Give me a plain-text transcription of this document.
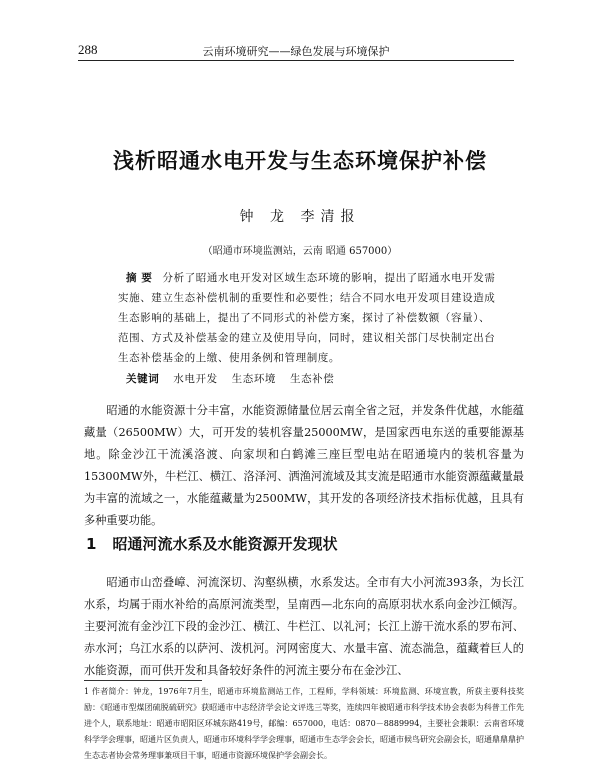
288	云南环境研究——绿色发展与环境保护
浅析昭通水电开发与生态环境保护补偿
钟 龙 李清报
（昭通市环境监测站，云南 昭通 657000）
摘 要 分析了昭通水电开发对区域生态环境的影响，提出了昭通水电开发需实施、建立生态补偿机制的重要性和必要性；结合不同水电开发项目建设造成生态影响的基础上，提出了不同形式的补偿方案，探讨了补偿数额（容量）、范围、方式及补偿基金的建立及使用导向，同时，建议相关部门尽快制定出台生态补偿基金的上缴、使用条例和管理制度。
关键词 水电开发 生态环境 生态补偿

昭通的水能资源十分丰富，水能资源储量位居云南全省之冠，并发条件优越，水能蕴藏量（26500MW）大，可开发的装机容量25000MW，是国家西电东送的重要能源基地。除金沙江干流溪洛渡、向家坝和白鹤滩三座巨型电站在昭通境内的装机容量为15300MW外，牛栏江、横江、洛泽河、洒渔河流域及其支流是昭通市水能资源蕴藏量最为丰富的流域之一，水能蕴藏量为2500MW，其开发的各项经济技术指标优越，且具有多种重要功能。

1 昭通河流水系及水能资源开发现状

昭通市山峦叠嶂、河流深切、沟壑纵横，水系发达。全市有大小河流393条，为长江水系，均属于雨水补给的高原河流类型，呈南西—北东向的高原羽状水系向金沙江倾泻。主要河流有金沙江下段的金沙江、横江、牛栏江、以礼河；长江上游干流水系的罗布河、赤水河；乌江水系的以萨河、泼机河。河网密度大、水量丰富、流态湍急，蕴藏着巨人的水能资源，而可供开发和具备较好条件的河流主要分布在金沙江、

1 作者简介：钟龙，1976年7月生，昭通市环境监测站工作，工程师，学科领域：环境监测、环境宣教，所获主要科技奖励：《昭通市型煤团硫脱硫研究》获昭通市中志经济学会论文评选三等奖，连续四年被昭通市科学技术协会表彰为科普工作先进个人，联系地址：昭通市昭阳区环城东路419号，邮编：657000，电话：0870－8889994，主要社会兼职：云南省环境科学学会理事，昭通片区负责人，昭通市环境科学学会理事，昭通市生态学会会长，昭通市候鸟研究会副会长，昭通鼎鼎鼎护生态志者协会常务理事兼项目干事，昭通市资源环境保护学会副会长。
